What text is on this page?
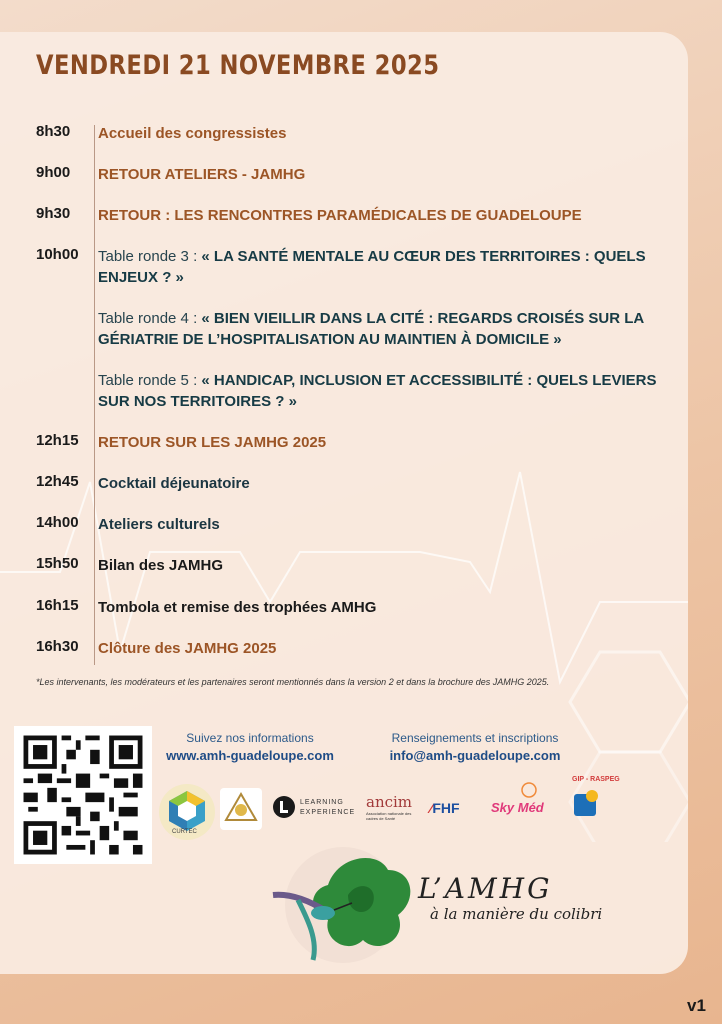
VENDREDI 21 NOVEMBRE 2025
8h30	Accueil des congressistes
9h00	RETOUR ATELIERS - JAMHG
9h30	RETOUR : LES RENCONTRES PARAMÉDICALES DE GUADELOUPE
10h00	Table ronde 3 : « LA SANTÉ MENTALE AU CŒUR DES TERRITOIRES : QUELS ENJEUX ? »
Table ronde 4 : « BIEN VIEILLIR DANS LA CITÉ : REGARDS CROISÉS SUR LA GÉRIATRIE DE L’HOSPITALISATION AU MAINTIEN À DOMICILE »
Table ronde 5 : « HANDICAP, INCLUSION ET ACCESSIBILITÉ : QUELS LEVIERS SUR NOS TERRITOIRES ? »
12h15	RETOUR SUR LES JAMHG 2025
12h45	Cocktail déjeunatoire
14h00	Ateliers culturels
15h50	Bilan des JAMHG
16h15	Tombola et remise des trophées AMHG
16h30	Clôture des JAMHG 2025
*Les intervenants, les modérateurs et les partenaires seront mentionnés dans la version 2 et dans la brochure des JAMHG 2025.
Suivez nos informations
www.amh-guadeloupe.com
Renseignements et inscriptions
info@amh-guadeloupe.com
CURTEC
LEARNING EXPERIENCE
ancim
Association nationale des cadres de Santé
⁄FHF	Sky Méd
GIP - RASPEG
L’AMHG
à la manière du colibri
v1
